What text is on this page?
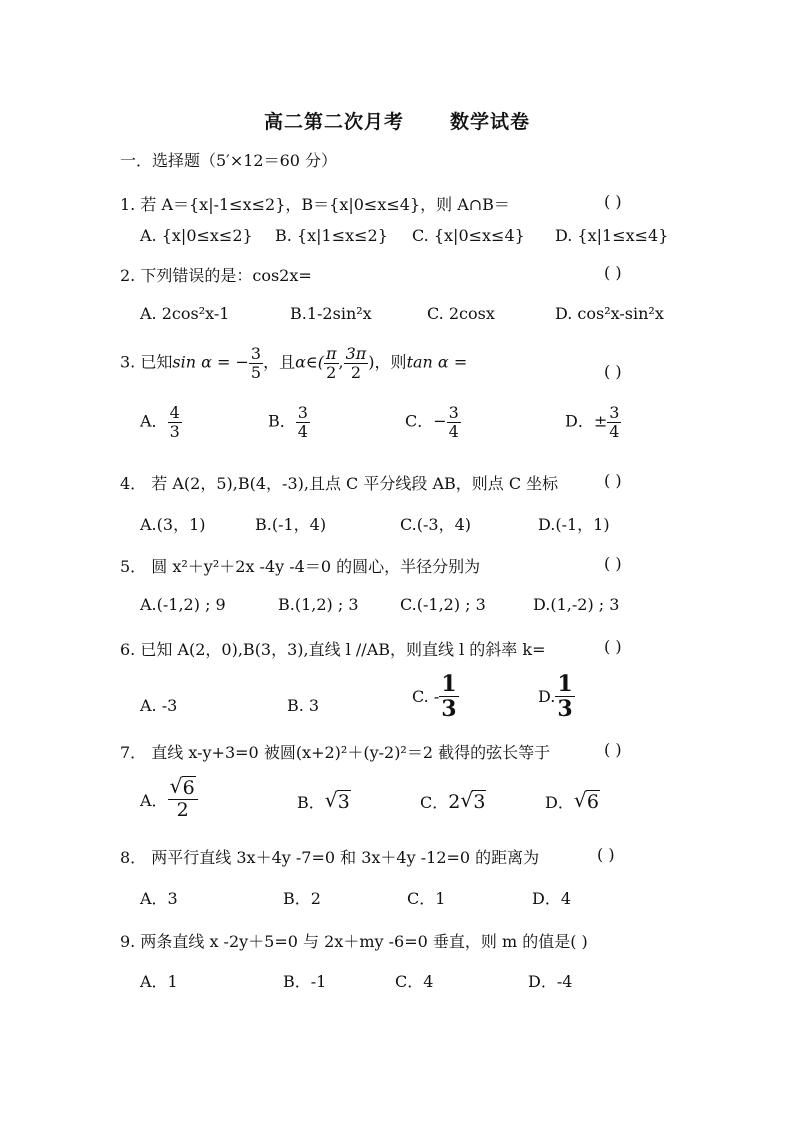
高二第二次月考 数学试卷
一．选择题（5′×12＝60 分）
1. 若 A＝{x|-1≤x≤2}，B＝{x|0≤x≤4}，则 A∩B＝	( )
A. {x|0≤x≤2} B. {x|1≤x≤2} C. {x|0≤x≤4} D. {x|1≤x≤4}
2. 下列错误的是：cos2x=	( )
A. 2cos²x-1	B.1-2sin²x	C. 2cosx	D. cos²x-sin²x
3. 已知sin α = − $\frac{3}{5}$ ，且α∈( $\frac{\pi}{2}$ , $\frac{3\pi}{2}$ )，则tan α =	( )
A． $\frac{4}{3}$	B． $\frac{3}{4}$	C．− $\frac{3}{4}$	D．± $\frac{3}{4}$
4． 若 A(2，5),B(4，-3),且点 C 平分线段 AB，则点 C 坐标	( )
A.(3，1)	B.(-1，4)	C.(-3，4)	D.(-1，1)
5． 圆 x²＋y²＋2x -4y -4＝0 的圆心，半径分别为	( )
A.(-1,2) ; 9	B.(1,2) ; 3	C.(-1,2) ; 3	D.(1,-2) ; 3
6. 已知 A(2，0),B(3，3),直线 l //AB，则直线 l 的斜率 k=	( )
A. -3	B. 3	C. - $\frac{1}{3}$	D. $\frac{1}{3}$
7． 直线 x-y+3=0 被圆(x+2)²＋(y-2)²＝2 截得的弦长等于	( )
A． √ $\frac{6}{2}$	B． √ 3	C．2 √ 3	D． √ 6
8． 两平行直线 3x＋4y -7=0 和 3x＋4y -12=0 的距离为	( )
A．3	B．2	C．1	D．4
9. 两条直线 x -2y＋5=0 与 2x＋my -6=0 垂直，则 m 的值是( )
A．1	B．-1	C．4	D．-4
